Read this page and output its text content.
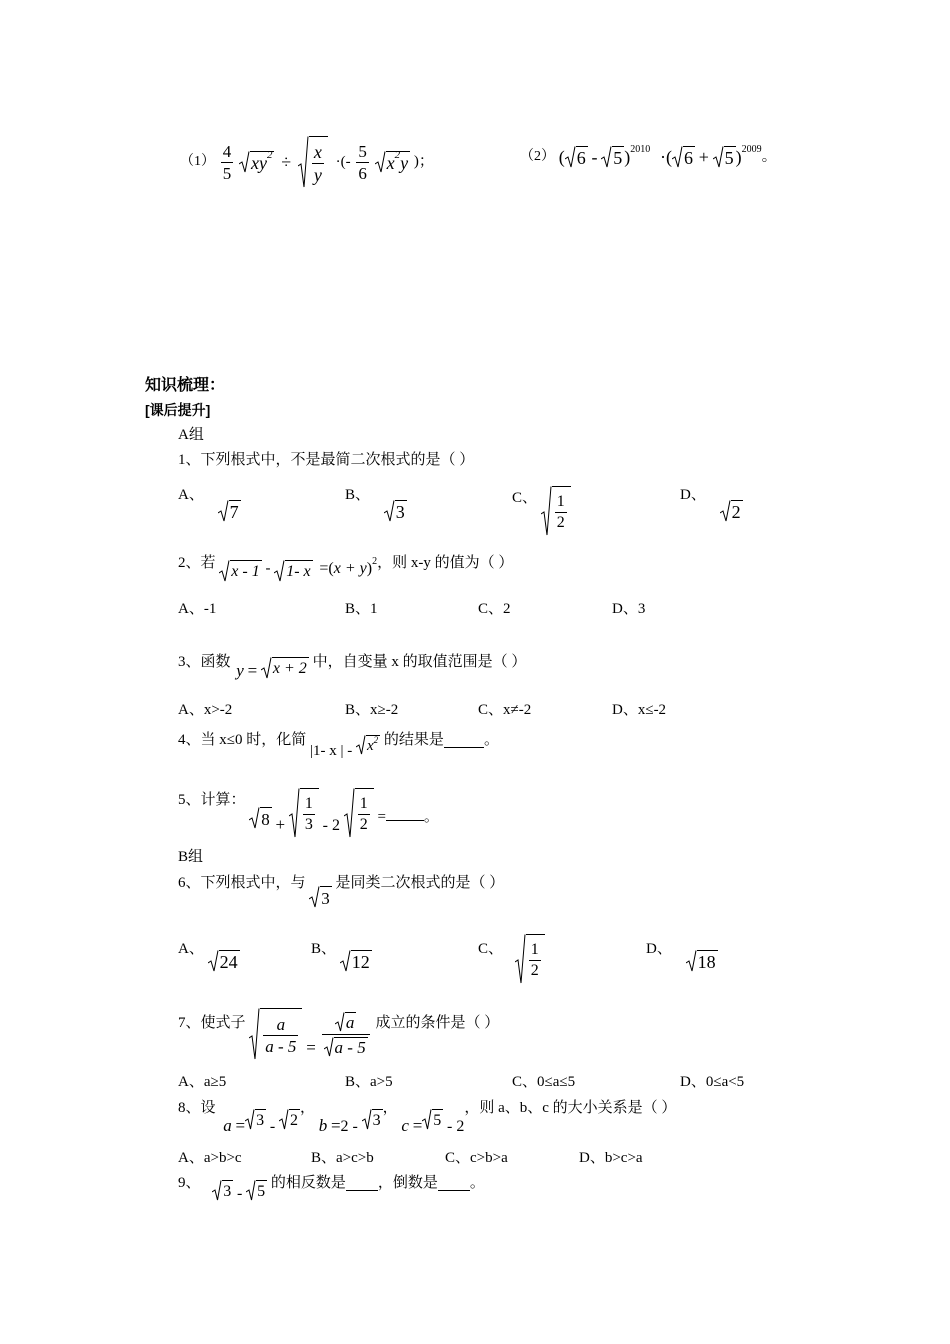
$(1) \frac{4}{5}$
xy $2 \div \frac{x}{y}$ ·(- $\frac{5}{6}$
x 2 y )；	（2） ( 6 - 5 )$^{2010}$ ·( 6 + 5 )$^{2009}$。
知识梳理：
[课后提升]
A组
1、下列根式中，不是最简二次根式的是（ ）
A、
7
B、
3
C、 $\frac{1}{2}$	D、
2
2、若 x - 1 - 1- $x =(x + y)^2$，则 x-y 的值为（ ）
A、-1	B、1	C、2	D、3
3、函数 y = x + 2 中，自变量 x 的取值范围是（ ）
A、x>-2	B、x≥-2	C、x≠-2	D、x≤-2
4、当 x≤0 时，化简 |1- x | - x 2 的结果是	。
5、计算：
$8 + \frac{1}{3} - 2 \frac{1}{2}$ =	。
B组
6、下列根式中，与
3
是同类二次根式的是（ ）
A、
24
B、
12
C、 $\frac{1}{2}$	D、
18
7、使式子 $\frac{a}{a - 5} = \frac{a}{a - 5}$ 成立的条件是（ ）
A、a≥5	B、a>5	C、0≤a≤5	D、0≤a<5
8、设 a = 3 - 2
， b =2 - 3
， c = 5 - 2，则 a、b、c 的大小关系是（ ）
A、a>b>c	B、a>c>b	C、c>b>a	D、b>c>a
9、 3 - 5 的相反数是 ，倒数是 。
